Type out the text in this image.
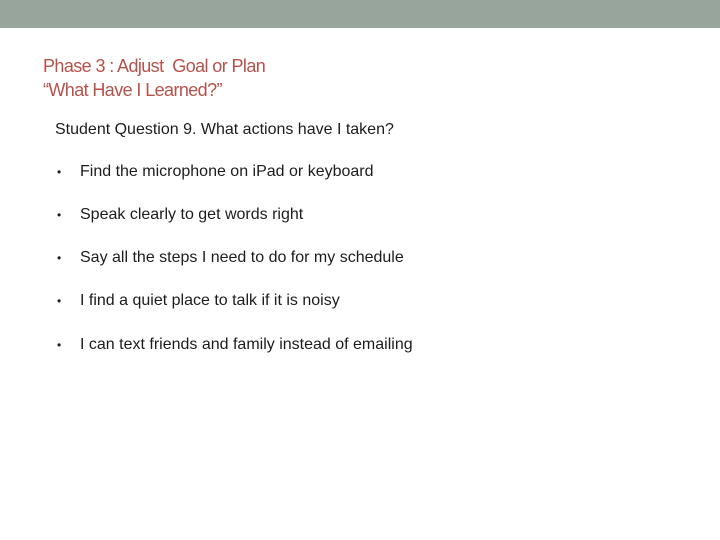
Phase 3 : Adjust  Goal or Plan
“What Have I Learned?”
Student Question 9. What actions have I taken?
•	Find the microphone on iPad or keyboard
•	Speak clearly to get words right
•	Say all the steps I need to do for my schedule
•	I find a quiet place to talk if it is noisy
•	I can text friends and family instead of emailing
